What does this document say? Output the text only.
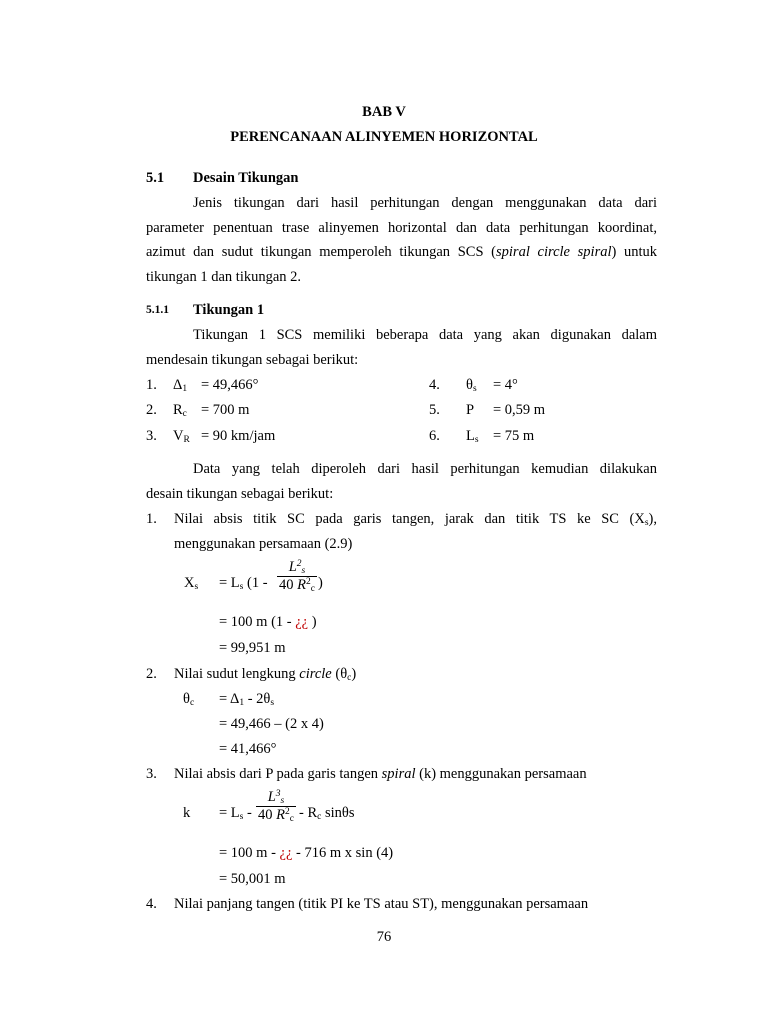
BAB V
PERENCANAAN ALINYEMEN HORIZONTAL
5.1 Desain Tikungan
Jenis tikungan dari hasil perhitungan dengan menggunakan data dari
parameter penentuan trase alinyemen horizontal dan data perhitungan koordinat,
azimut dan sudut tikungan memperoleh tikungan SCS (spiral circle spiral) untuk
tikungan 1 dan tikungan 2.
5.1.1 Tikungan 1
Tikungan 1 SCS memiliki beberapa data yang akan digunakan dalam
mendesain tikungan sebagai berikut:
1. $\Delta_1 = 49,466^\circ$
2. $R_c = 700$ m
3. $V_R = 90$ km/jam
4. $\theta_s = 4^\circ$
5. P = 0,59 m
6. $L_s = 75$ m
Data yang telah diperoleh dari hasil perhitungan kemudian dilakukan
desain tikungan sebagai berikut:
1. Nilai absis titik SC pada garis tangen, jarak dan titik TS ke SC $(X_s)$,
menggunakan persamaan (2.9)
$X_s = L_s$ ($1 - \frac{L^2_s}{40 R^2_c}$ )
= 100 m (1 - ¿¿ )
= 99,951 m
2. Nilai sudut lengkung circle $(\theta_c)$
$\theta_c = \Delta_1 - 2\theta_s$
= 49,466 – (2 x 4)
= 41,466°
3. Nilai absis dari P pada garis tangen spiral (k) menggunakan persamaan
$k = L_s - \frac{L^3_s}{40 R^2_c} - R_c$ sinθs
= 100 m - ¿¿ - 716 m x sin (4)
= 50,001 m
4. Nilai panjang tangen (titik PI ke TS atau ST), menggunakan persamaan
76
